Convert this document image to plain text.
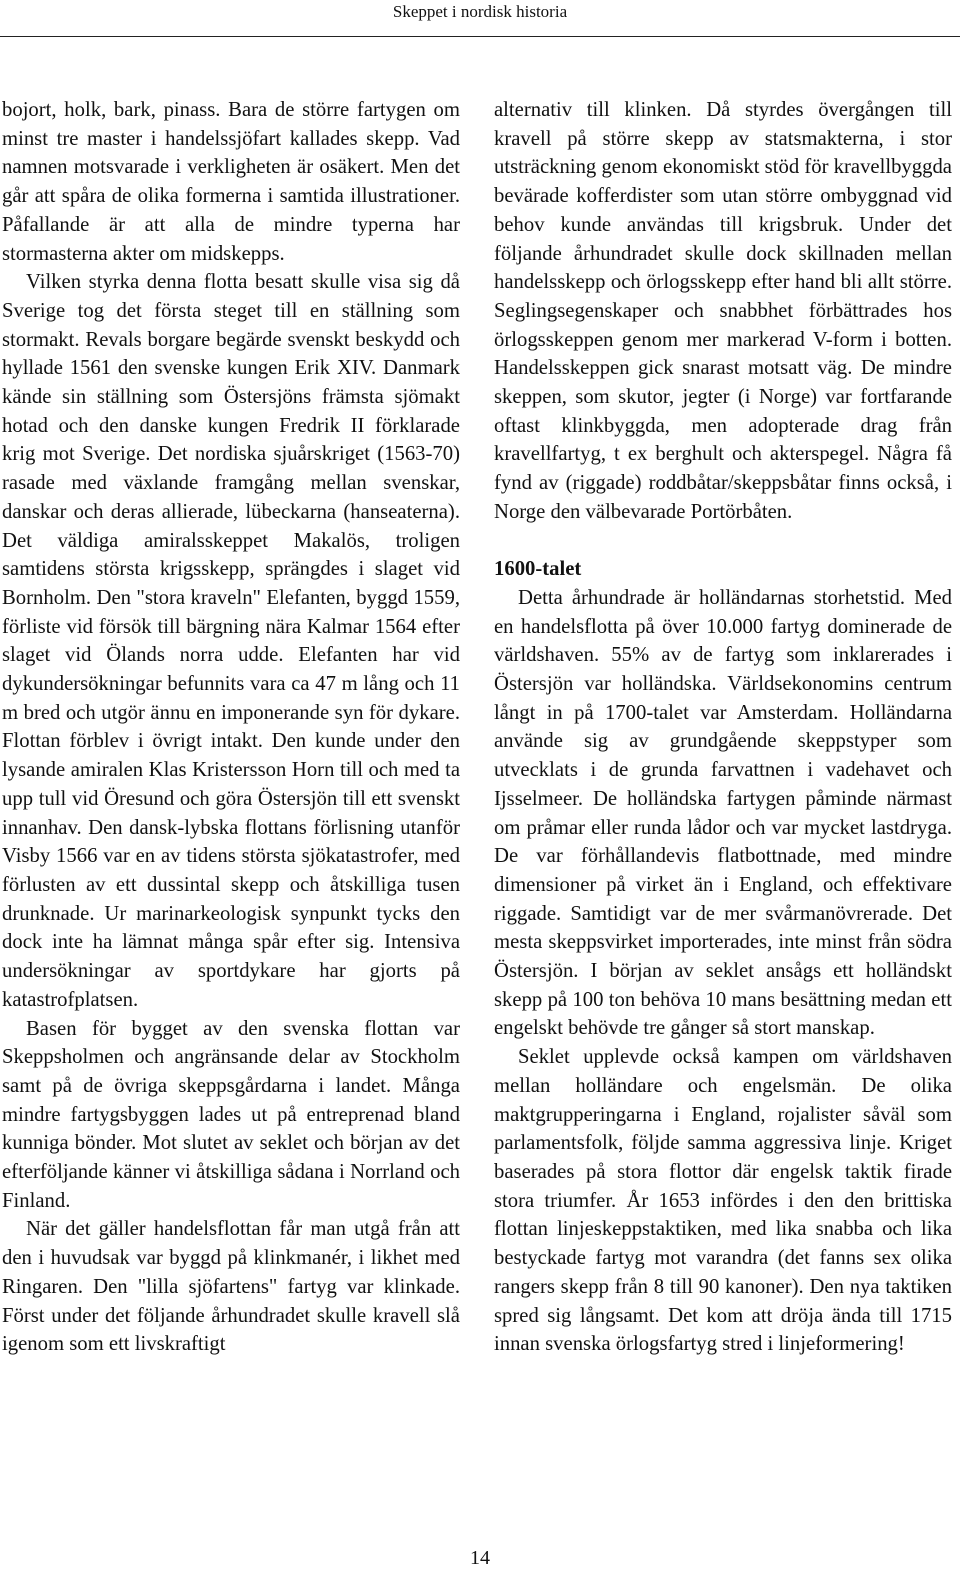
Skeppet i nordisk historia

bojort, holk, bark, pinass. Bara de större fartygen om minst tre master i handelssjöfart kallades skepp. Vad namnen motsvarade i verkligheten är osäkert. Men det går att spåra de olika formerna i samtida illustrationer. Påfallande är att alla de mindre typerna har stormasterna akter om midskepps.

Vilken styrka denna flotta besatt skulle visa sig då Sverige tog det första steget till en ställning som stormakt. Revals borgare begärde svenskt beskydd och hyllade 1561 den svenske kungen Erik XIV. Danmark kände sin ställning som Östersjöns främsta sjömakt hotad och den danske kungen Fredrik II förklarade krig mot Sverige. Det nordiska sjuårskriget (1563-70) rasade med växlande framgång mellan svenskar, danskar och deras allierade, lübeckarna (hanseaterna). Det väldiga amiralsskeppet Makalös, troligen samtidens största krigsskepp, sprängdes i slaget vid Bornholm. Den "stora kraveln" Elefanten, byggd 1559, förliste vid försök till bärgning nära Kalmar 1564 efter slaget vid Ölands norra udde. Elefanten har vid dykundersökningar befunnits vara ca 47 m lång och 11 m bred och utgör ännu en imponerande syn för dykare. Flottan förblev i övrigt intakt. Den kunde under den lysande amiralen Klas Kristersson Horn till och med ta upp tull vid Öresund och göra Östersjön till ett svenskt innanhav. Den dansk-lybska flottans förlisning utanför Visby 1566 var en av tidens största sjökatastrofer, med förlusten av ett dussintal skepp och åtskilliga tusen drunknade. Ur marinarkeologisk synpunkt tycks den dock inte ha lämnat många spår efter sig. Intensiva undersökningar av sportdykare har gjorts på katastrofplatsen.

Basen för bygget av den svenska flottan var Skeppsholmen och angränsande delar av Stockholm samt på de övriga skeppsgårdarna i landet. Många mindre fartygsbyggen lades ut på entreprenad bland kunniga bönder. Mot slutet av seklet och början av det efterföljande känner vi åtskilliga sådana i Norrland och Finland.

När det gäller handelsflottan får man utgå från att den i huvudsak var byggd på klinkmanér, i likhet med Ringaren. Den "lilla sjöfartens" fartyg var klinkade. Först under det följande århundradet skulle kravell slå igenom som ett livskraftigt

alternativ till klinken. Då styrdes övergången till kravell på större skepp av statsmakterna, i stor utsträckning genom ekonomiskt stöd för kravellbyggda bevärade kofferdister som utan större ombyggnad vid behov kunde användas till krigsbruk. Under det följande århundradet skulle dock skillnaden mellan handelsskepp och örlogsskepp efter hand bli allt större. Seglingsegenskaper och snabbhet förbättrades hos örlogsskeppen genom mer markerad V-form i botten. Handelsskeppen gick snarast motsatt väg. De mindre skeppen, som skutor, jegter (i Norge) var fortfarande oftast klinkbyggda, men adopterade drag från kravellfartyg, t ex berghult och akterspegel. Några få fynd av (riggade) roddbåtar/skeppsbåtar finns också, i Norge den välbevarade Portörbåten.

1600-talet

Detta århundrade är holländarnas storhetstid. Med en handelsflotta på över 10.000 fartyg dominerade de världshaven. 55% av de fartyg som inklarerades i Östersjön var holländska. Världsekonomins centrum långt in på 1700-talet var Amsterdam. Holländarna använde sig av grundgående skeppstyper som utvecklats i de grunda farvattnen i vadehavet och Ijsselmeer. De holländska fartygen påminde närmast om pråmar eller runda lådor och var mycket lastdryga. De var förhållandevis flatbottnade, med mindre dimensioner på virket än i England, och effektivare riggade. Samtidigt var de mer svårmanövrerade. Det mesta skeppsvirket importerades, inte minst från södra Östersjön. I början av seklet ansågs ett holländskt skepp på 100 ton behöva 10 mans besättning medan ett engelskt behövde tre gånger så stort manskap.

Seklet upplevde också kampen om världshaven mellan holländare och engelsmän. De olika maktgrupperingarna i England, rojalister såväl som parlamentsfolk, följde samma aggressiva linje. Kriget baserades på stora flottor där engelsk taktik firade stora triumfer. År 1653 infördes i den den brittiska flottan linjeskeppstaktiken, med lika snabba och lika bestyckade fartyg mot varandra (det fanns sex olika rangers skepp från 8 till 90 kanoner). Den nya taktiken spred sig långsamt. Det kom att dröja ända till 1715 innan svenska örlogsfartyg stred i linjeformering!

14
